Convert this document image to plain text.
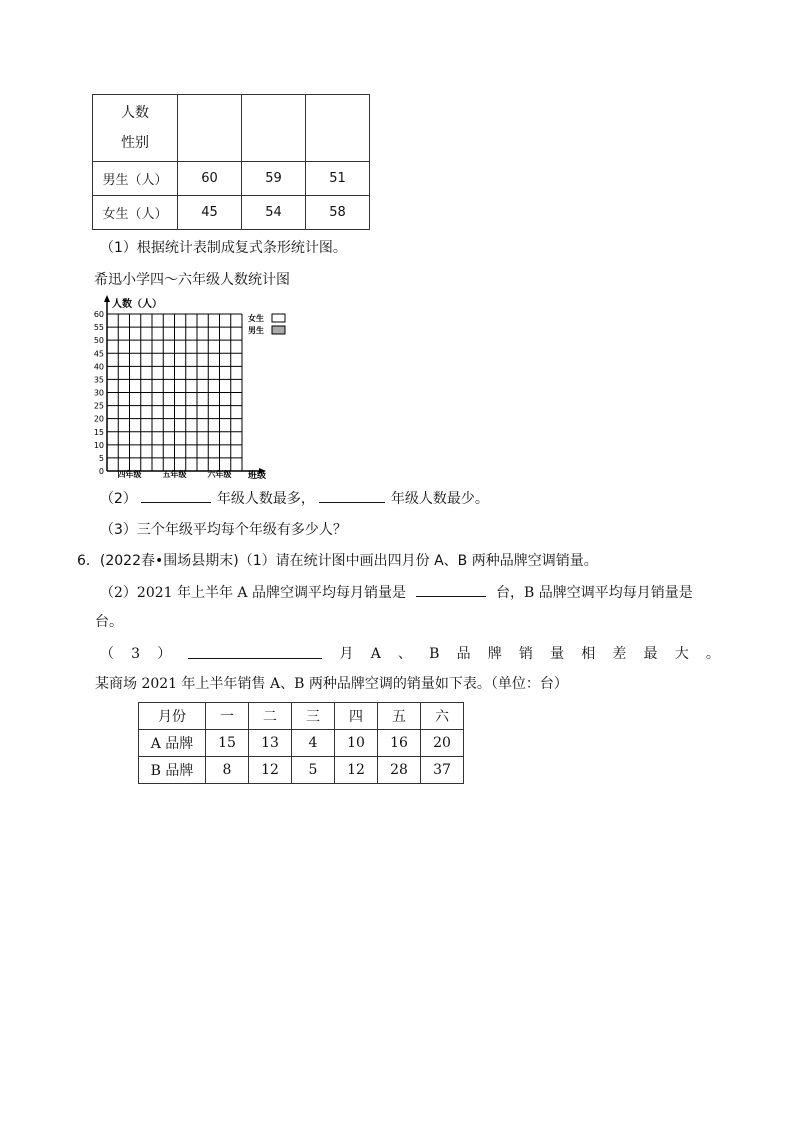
人数
性别			

男生（人）	60	59	51
女生（人）	45	54	58
（1）根据统计表制成复式条形统计图。
希迅小学四～六年级人数统计图
0
5
10
15
20
25
30
35
40
45
50
55
60
四年级	五年级	六年级
人数（人）
班级
女生
男生
（2）	年级人数最多，	年级人数最少。
（3）三个年级平均每个年级有多少人？
6．(2022春•围场县期末)（1）请在统计图中画出四月份 A、B 两种品牌空调销量。
（2）2021 年上半年 A 品牌空调平均每月销量是	台，B 品牌空调平均每月销量是
台。
（ 3 ）	月 A 、 B 品 牌 销 量 相 差 最 大 。
某商场 2021 年上半年销售 A、B 两种品牌空调的销量如下表。（单位：台）
月份	一	二	三	四	五	六
A 品牌	15	13	4	10	16	20
B 品牌	8	12	5	12	28	37
